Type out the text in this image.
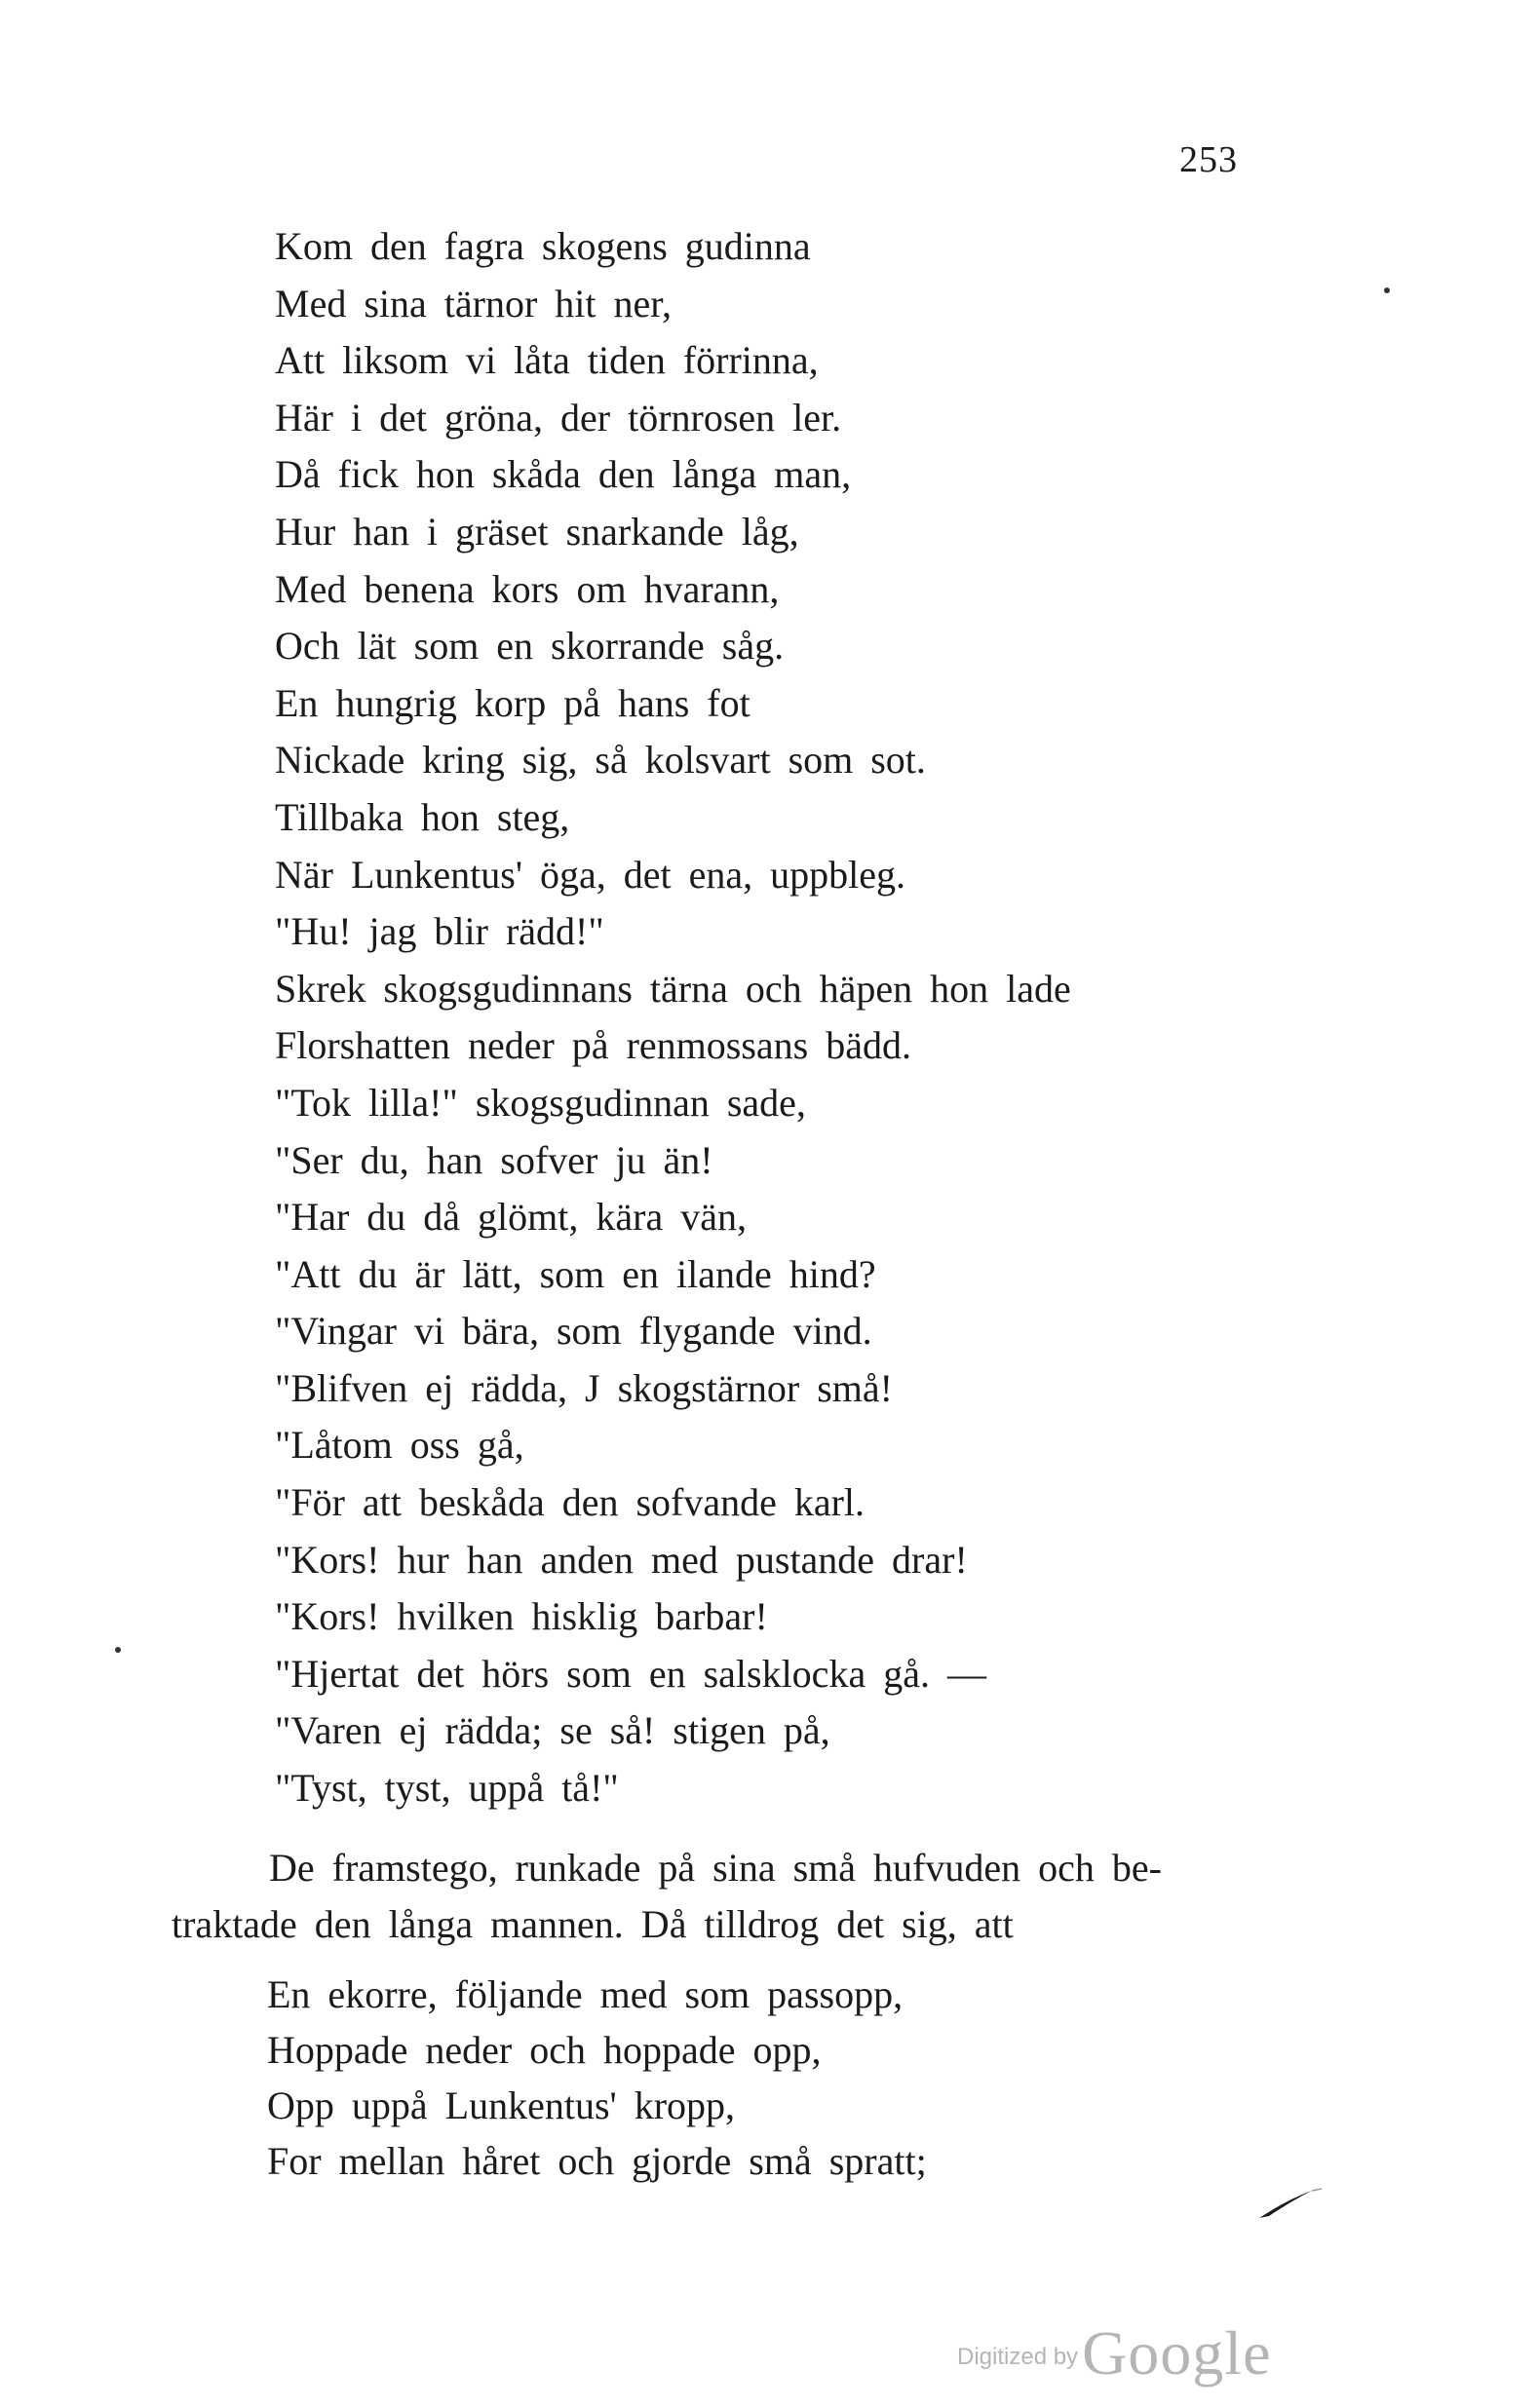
253
Kom den fagra skogens gudinna
Med sina tärnor hit ner,
Att liksom vi låta tiden förrinna,
Här i det gröna, der törnrosen ler.
Då fick hon skåda den långa man,
Hur han i gräset snarkande låg,
Med benena kors om hvarann,
Och lät som en skorrande såg.
En hungrig korp på hans fot
Nickade kring sig, så kolsvart som sot.
Tillbaka hon steg,
När Lunkentus' öga, det ena, uppbleg.
"Hu! jag blir rädd!"
Skrek skogsgudinnans tärna och häpen hon lade
Florshatten neder på renmossans bädd.
"Tok lilla!" skogsgudinnan sade,
"Ser du, han sofver ju än!
"Har du då glömt, kära vän,
"Att du är lätt, som en ilande hind?
"Vingar vi bära, som flygande vind.
"Blifven ej rädda, J skogstärnor små!
"Låtom oss gå,
"För att beskåda den sofvande karl.
"Kors! hur han anden med pustande drar!
"Kors! hvilken hisklig barbar!
"Hjertat det hörs som en salsklocka gå. —
"Varen ej rädda; se så! stigen på,
"Tyst, tyst, uppå tå!"
De framstego, runkade på sina små hufvuden och be-
traktade den långa mannen. Då tilldrog det sig, att
En ekorre, följande med som passopp,
Hoppade neder och hoppade opp,
Opp uppå Lunkentus' kropp,
For mellan håret och gjorde små spratt;
Digitized by Google
